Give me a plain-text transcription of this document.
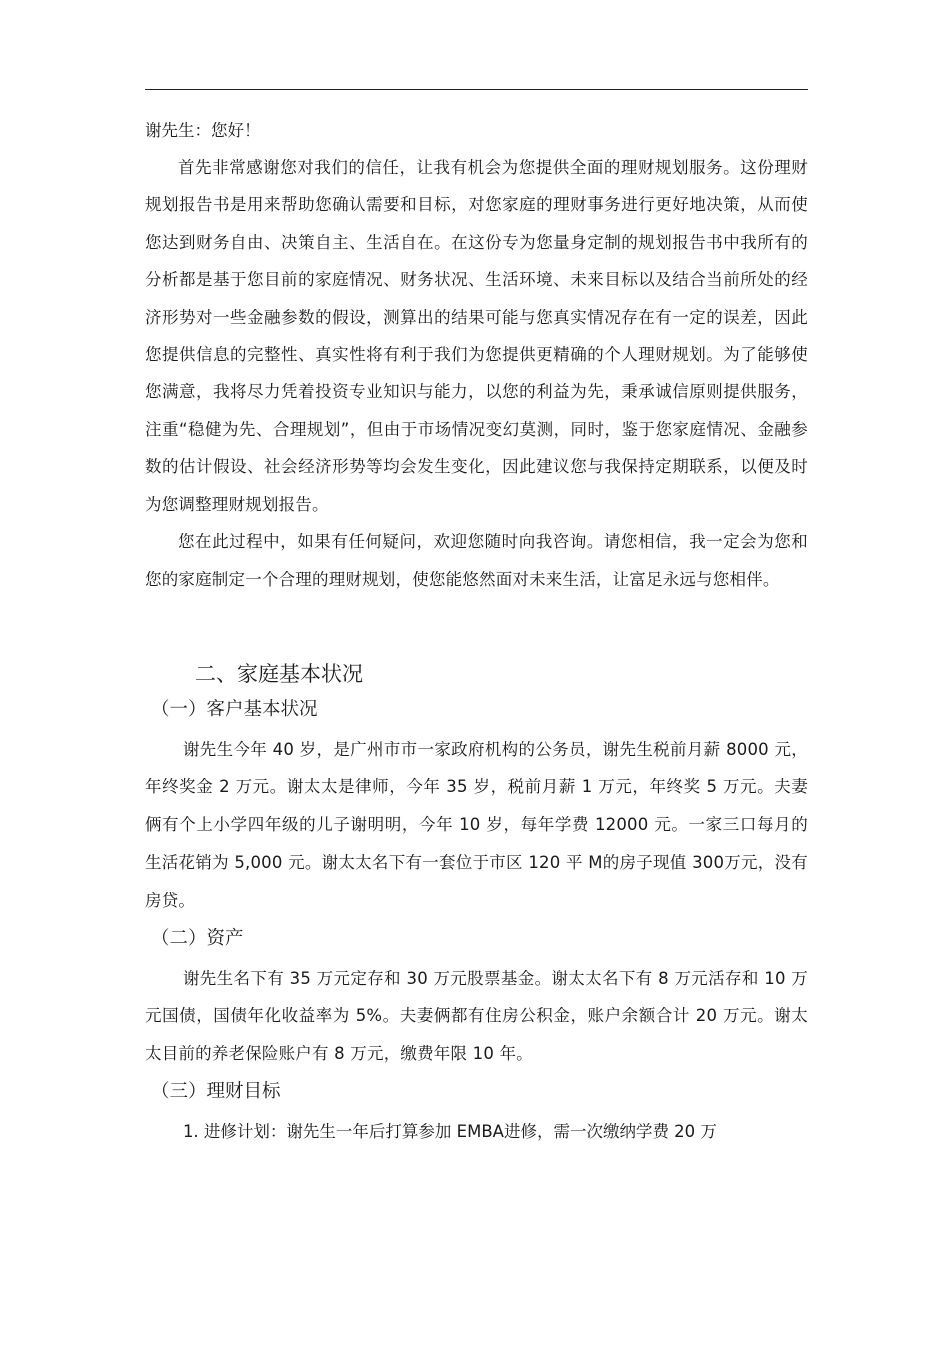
谢先生：您好！

首先非常感谢您对我们的信任，让我有机会为您提供全面的理财规划服务。这份理财规划报告书是用来帮助您确认需要和目标，对您家庭的理财事务进行更好地决策，从而使您达到财务自由、决策自主、生活自在。在这份专为您量身定制的规划报告书中我所有的分析都是基于您目前的家庭情况、财务状况、生活环境、未来目标以及结合当前所处的经济形势对一些金融参数的假设，测算出的结果可能与您真实情况存在有一定的误差，因此您提供信息的完整性、真实性将有利于我们为您提供更精确的个人理财规划。为了能够使您满意，我将尽力凭着投资专业知识与能力，以您的利益为先，秉承诚信原则提供服务，注重“稳健为先、合理规划”，但由于市场情况变幻莫测，同时，鉴于您家庭情况、金融参数的估计假设、社会经济形势等均会发生变化，因此建议您与我保持定期联系，以便及时为您调整理财规划报告。

您在此过程中，如果有任何疑问，欢迎您随时向我咨询。请您相信，我一定会为您和您的家庭制定一个合理的理财规划，使您能悠然面对未来生活，让富足永远与您相伴。

二、家庭基本状况
（一）客户基本状况

谢先生今年 40 岁，是广州市市一家政府机构的公务员，谢先生税前月薪 8000 元，年终奖金 2 万元。谢太太是律师，今年 35 岁，税前月薪 1 万元，年终奖 5 万元。夫妻俩有个上小学四年级的儿子谢明明，今年 10 岁，每年学费 12000 元。一家三口每月的生活花销为 5,000 元。谢太太名下有一套位于市区 120 平 M的房子现值 300万元，没有房贷。

（二）资产

谢先生名下有 35 万元定存和 30 万元股票基金。谢太太名下有 8 万元活存和 10 万元国债，国债年化收益率为 5%。夫妻俩都有住房公积金，账户余额合计 20 万元。谢太太目前的养老保险账户有 8 万元，缴费年限 10 年。

（三）理财目标

1. 进修计划：谢先生一年后打算参加 EMBA进修，需一次缴纳学费 20 万
